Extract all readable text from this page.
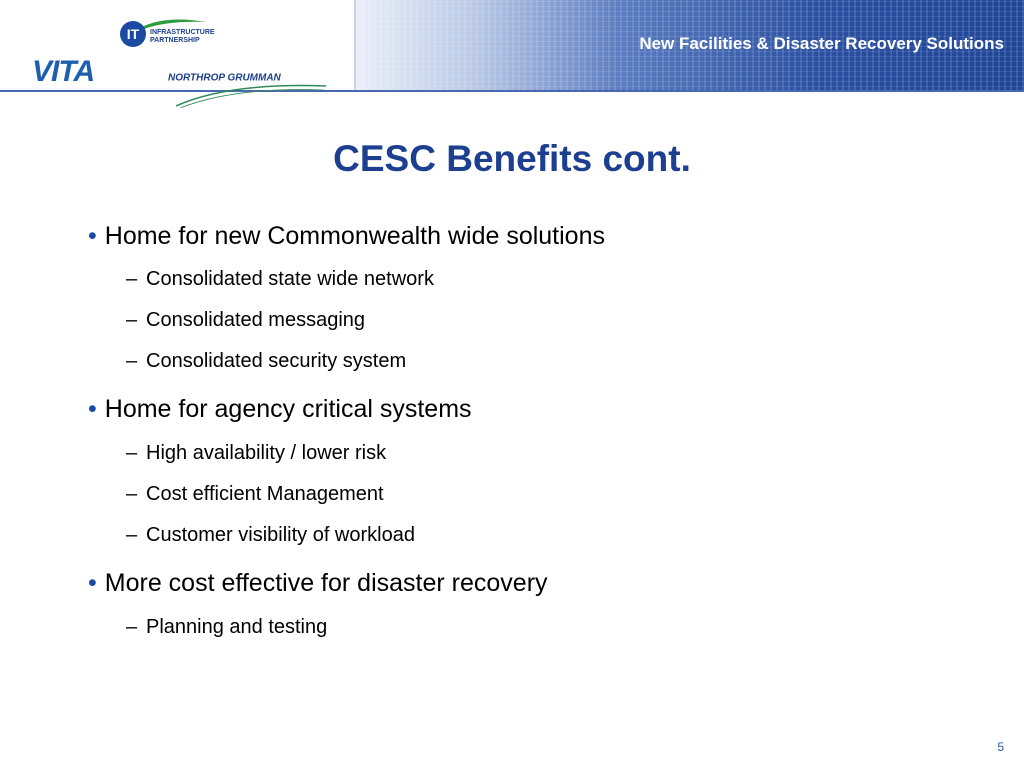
New Facilities & Disaster Recovery Solutions
IT	INFRASTRUCTURE
PARTNERSHIP
VITA	NORTHROP GRUMMAN
CESC Benefits cont.
• Home for new Commonwealth wide solutions
– Consolidated state wide network
– Consolidated messaging
– Consolidated security system
• Home for agency critical systems
– High availability / lower risk
– Cost efficient Management
– Customer visibility of workload
• More cost effective for disaster recovery
– Planning and testing
5
